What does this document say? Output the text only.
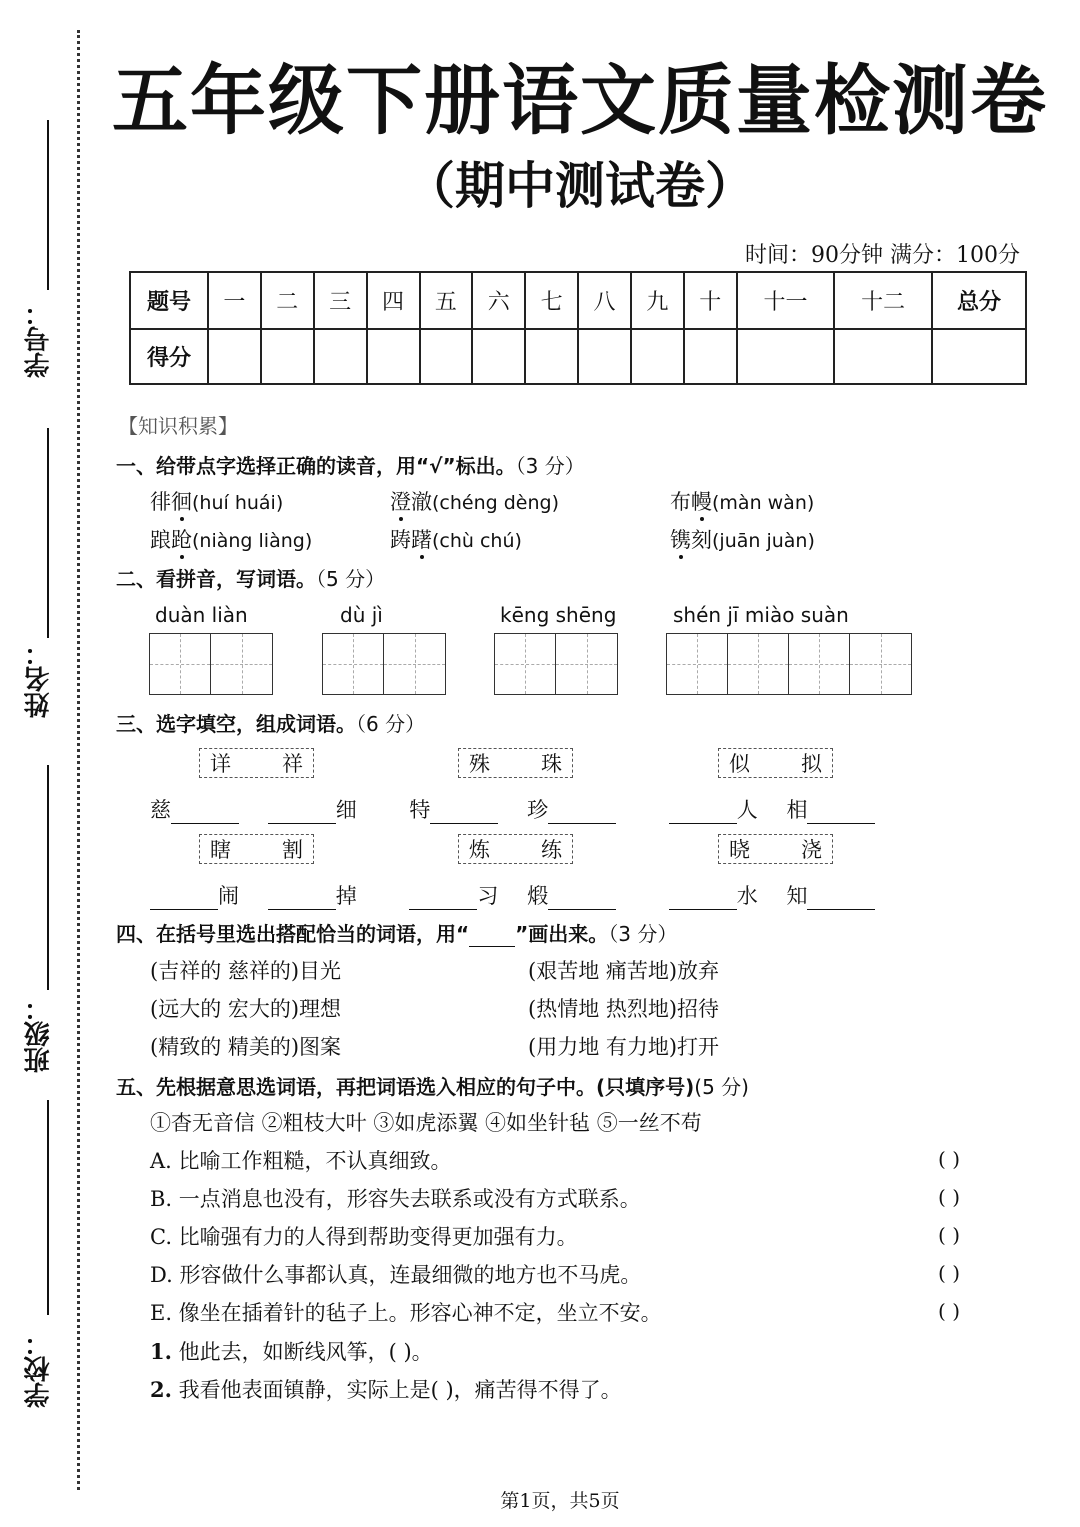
学号：
姓名：
班级：
学校：
五年级下册语文质量检测卷
（期中测试卷）
时间：90分钟 满分：100分
题号	一	二	三	四	五	六	七	八	九	十	十一	十二	总分
得分													
【知识积累】
一、给带点字选择正确的读音，用“√”标出。（3 分）
徘徊(huí huái)	澄澈(chéng dèng)	布幔(màn wàn)
踉跄(niàng liàng)	踌躇(chù chú)	镌刻(juān juàn)
二、看拼音，写词语。（5 分）
duàn liàn	dù jì	kēng shēng	shén jī miào suàn
三、选字填空，组成词语。（6 分）
详 祥	殊 珠	似 拟
慈	细	特	珍	人 相
瞎 割	炼 练	晓 浇
闹	掉	习 煅	水 知
四、在括号里选出搭配恰当的词语，用“ ”画出来。（3 分）
(吉祥的 慈祥的)目光	(艰苦地 痛苦地)放弃
(远大的 宏大的)理想	(热情地 热烈地)招待
(精致的 精美的)图案	(用力地 有力地)打开
五、先根据意思选词语，再把词语选入相应的句子中。(只填序号)(5 分)
①杳无音信 ②粗枝大叶 ③如虎添翼 ④如坐针毡 ⑤一丝不苟
A. 比喻工作粗糙，不认真细致。	( )
B. 一点消息也没有，形容失去联系或没有方式联系。	( )
C. 比喻强有力的人得到帮助变得更加强有力。	( )
D. 形容做什么事都认真，连最细微的地方也不马虎。	( )
E. 像坐在插着针的毡子上。形容心神不定，坐立不安。	( )
1. 他此去，如断线风筝，( )。
2. 我看他表面镇静，实际上是( )，痛苦得不得了。
第1页，共5页
